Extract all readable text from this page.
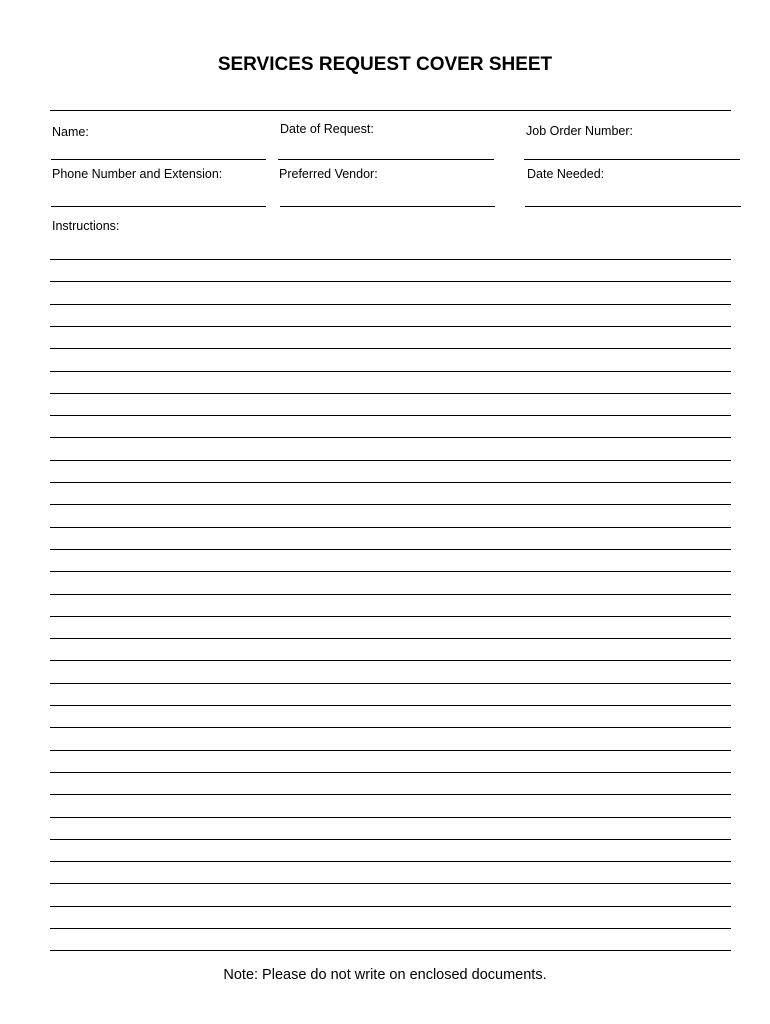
SERVICES REQUEST COVER SHEET
Name:	Date of Request:	Job Order Number:
Phone Number and Extension:	Preferred Vendor:	Date Needed:
Instructions:
Note: Please do not write on enclosed documents.
